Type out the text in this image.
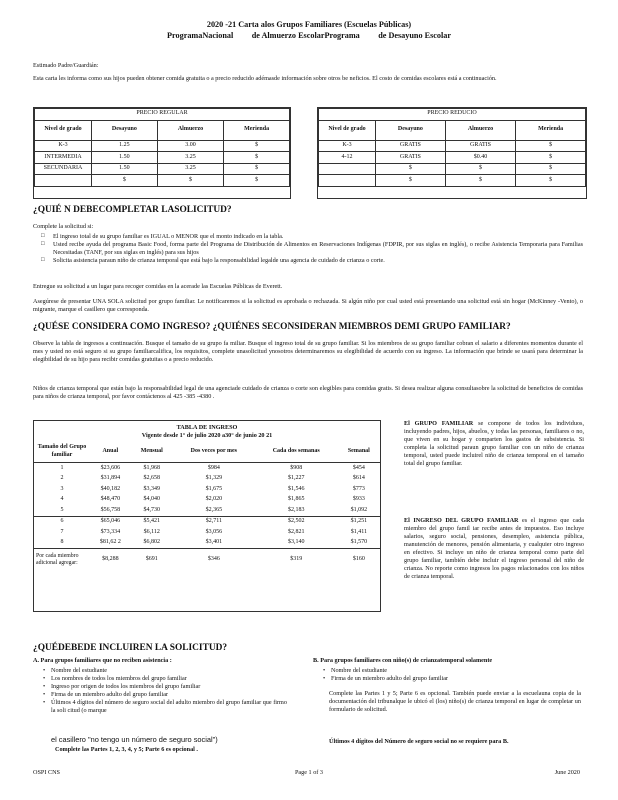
2020 -21 Carta alos Grupos Familiares (Escuelas Públicas)
ProgramaNacional de Almuerzo EscolarPrograma de Desayuno Escolar
Estimado Padre/Guardián:
Esta carta les informa como sus hijos pueden obtener comida gratuita o a precio reducido adémasde información sobre otros be neficios. El costo de comidas escolares está a continuación.
PRECIO REGULAR			
Nivel de grado	Desayuno	Almuerzo	Merienda
K-3	1.25	3.00	$
INTERMEDIA	1.50	3.25	$
SECUNDARIA	1.50	3.25	$
	$	$	$
PRECIO REDUCIO			
Nivel de grado	Desayuno	Almuerzo	Merienda
K-3	GRATIS	GRATIS	$
4-12	GRATIS	$0.40	$
	$	$	$
	$	$	$
¿QUIÉ N DEBECOMPLETAR LASOLICITUD?
Complete la solicitud si:
□ El ingreso total de su grupo familiar es IGUAL o MENOR que el monto indicado en la tabla.
□ Usted recibe ayuda del programa Basic Food, forma parte del Programa de Distribución de Alimentos en Reservaciones Indígenas (FDPIR, por sus siglas en inglés), o recibe Asistencia Temporaria para Familias Necesitadas (TANF, por sus siglas en inglés) para sus hijos
□ Solicita asistencia paraun niño de crianza temporal que está bajo la responsabilidad legalde una agencia de cuidado de crianza o corte.
Entregue su solicitud a un lugar para recoger comidas en la acerade las Escuelas Públicas de Everett.
Asegúrese de presentar UNA SOLA solicitud por grupo familiar. Le notificaremos si la solicitud es aprobada o rechazada. Si algún niño por cual usted está presentando una solicitud está sin hogar (McKinney -Vento), o migrante, marque el casillero que corresponda.
¿QUÉSE CONSIDERA COMO INGRESO? ¿QUIÉNES SECONSIDERAN MIEMBROS DEMI GRUPO FAMILIAR?
Observe la tabla de ingresos a continuación. Busque el tamaño de su grupo fa miliar. Busque el ingreso total de su grupo familiar. Si los miembros de su grupo familiar cobran el salario a diferentes momentos durante el mes y usted no está seguro si su grupo familiarcalifica, los requisitos, complete unasolicitud ynosotros determinaremos su elegibilidad de acuerdo con su ingreso. La información que brinde se usará para determinar la elegibilidad de su hijo para recibir comidas gratuitas o a precio reducido.
Niños de crianza temporal que están bajo la responsabilidad legal de una agenciade cuidado de crianza o corte son elegibles para comidas gratis. Si desea realizar alguna consultasobre la solicitud de beneficios de comidas para niños de crianza temporal, por favor contáctenos al 425 -385 -4380 .
TABLA DE INGRESO
Vigente desde 1° de julio 2020 a30° de junio 20 21
Tamaño del Grupo familiar	Anual	Mensual	Dos veces por mes	Cada dos semanas	Semanal
1	$23,606	$1,968	$984	$908	$454
2	$31,894	$2,658	$1,329	$1,227	$614
3	$40,182	$3,349	$1,675	$1,546	$773
4	$48,470	$4,040	$2,020	$1,865	$933
5	$56,758	$4,730	$2,365	$2,183	$1,092
6	$65,046	$5,421	$2,711	$2,502	$1,251
7	$73,334	$6,112	$3,056	$2,821	$1,411
8	$81,62 2	$6,802	$3,401	$3,140	$1,570
Por cada miembro adicional agregar:	$8,288	$691	$346	$319	$160
El GRUPO FAMILIAR se compone de todos los individuos, incluyendo padres, hijos, abuelos, y todas las personas, familiares o no, que viven en su hogar y comparten los gastos de subsistencia. Si completa la solicitud paraun grupo familiar con un niño de crianza temporal, usted puede incluirel niño de crianza temporal en el tamaño total del grupo familiar.
El INGRESO DEL GRUPO FAMILIAR es el ingreso que cada miembro del grupo famil iar recibe antes de impuestos. Eso incluye salarios, seguro social, pensiones, desempleo, asistencia pública, manutención de menores, pensión alimentaria, y cualquier otro ingreso en efectivo. Si incluye un niño de crianza temporal como parte del grupo familiar, también debe incluir el ingreso personal del niño de crianza. No reporte como ingresos los pagos relacionados con los niños de crianza temporal.
¿QUÉDEBEDE INCLUIREN LA SOLICITUD?
A. Para grupos familiares que no reciben asistencia :
• Nombre del estudiante
• Los nombres de todos los miembros del grupo familiar
• Ingreso por origen de todos los miembros del grupo familiar
• Firma de un miembro adulto del grupo familiar
• Últimos 4 dígitos del número de seguro social del adulto miembro del grupo familiar que firmo la soli citud (o marque
el casillero "no tengo un número de seguro social")
Complete las Partes 1, 2, 3, 4, y 5; Parte 6 es opcional .
B. Para grupos familiares con niño(s) de crianzatemporal solamente
• Nombre del estudiante
• Firma de un miembro adulto del grupo familiar
Complete las Partes 1 y 5; Parte 6 es opcional. También puede enviar a la escuelauna copia de la documentación del tribunalque le ubicó el (los) niño(s) de crianza temporal en lugar de completar un formulario de solicitud.
Últimos 4 dígitos del Número de seguro social no se requiere para B.
OSPI CNS	Page 1 of 3	June 2020
